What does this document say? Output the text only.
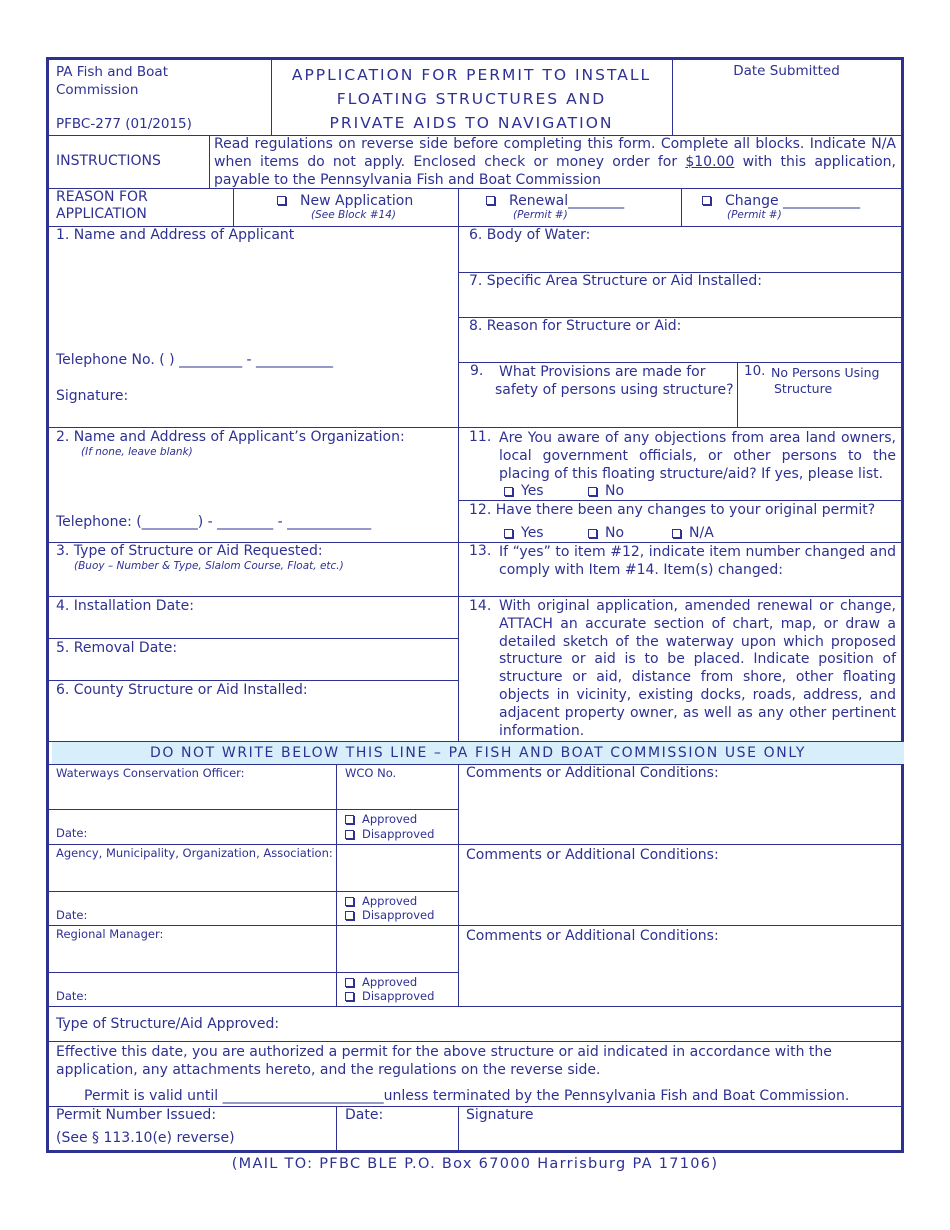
PA Fish and Boat
Commission
PFBC-277 (01/2015)
APPLICATION FOR PERMIT TO INSTALL
FLOATING STRUCTURES AND
PRIVATE AIDS TO NAVIGATION
Date Submitted
INSTRUCTIONS
Read regulations on reverse side before completing this form. Complete all blocks. Indicate N/A when items do not apply. Enclosed check or money order for $10.00 with this application, payable to the Pennsylvania Fish and Boat Commission
REASON FOR
APPLICATION
New Application
(See Block #14)
Renewal________
(Permit #)
Change ___________
(Permit #)
1. Name and Address of Applicant
Telephone No. ( ) _________ - ___________
Signature:
2. Name and Address of Applicant’s Organization:
(If none, leave blank)
Telephone: (________) - ________ - ____________
3. Type of Structure or Aid Requested:
(Buoy – Number & Type, Slalom Course, Float, etc.)
4. Installation Date:
5. Removal Date:
6. County Structure or Aid Installed:
6. Body of Water:
7. Specific Area Structure or Aid Installed:
8. Reason for Structure or Aid:
9. What Provisions are made for
safety of persons using structure?
10. No Persons Using
Structure
11. Are You aware of any objections from area land owners, local government officials, or other persons to the placing of this floating structure/aid? If yes, please list.
Yes	No
12. Have there been any changes to your original permit?
Yes	No	N/A
13. If “yes” to item #12, indicate item number changed and comply with Item #14. Item(s) changed:
14. With original application, amended renewal or change, ATTACH an accurate section of chart, map, or draw a detailed sketch of the waterway upon which proposed structure or aid is to be placed. Indicate position of structure or aid, distance from shore, other floating objects in vicinity, existing docks, roads, address, and adjacent property owner, as well as any other pertinent information.
DO NOT WRITE BELOW THIS LINE – PA FISH AND BOAT COMMISSION USE ONLY
Waterways Conservation Officer:	WCO No.
Date:
Approved
Disapproved
Comments or Additional Conditions:
Agency, Municipality, Organization, Association:
Date:
Approved
Disapproved
Comments or Additional Conditions:
Regional Manager:
Date:
Approved
Disapproved
Comments or Additional Conditions:
Type of Structure/Aid Approved:
Effective this date, you are authorized a permit for the above structure or aid indicated in accordance with the application, any attachments hereto, and the regulations on the reverse side.
Permit is valid until _______________________unless terminated by the Pennsylvania Fish and Boat Commission.
Permit Number Issued:
(See § 113.10(e) reverse)
Date:	Signature
(MAIL TO: PFBC BLE P.O. Box 67000 Harrisburg PA 17106)
